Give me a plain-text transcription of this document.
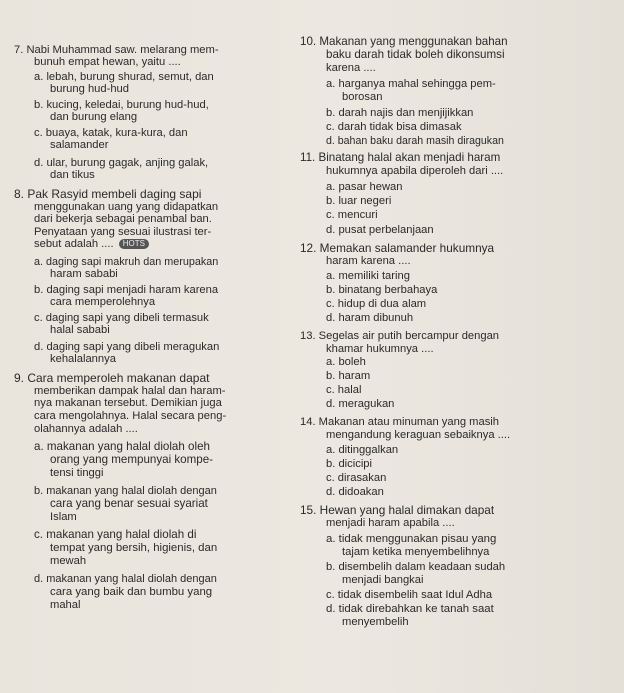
7. Nabi Muhammad saw. melarang mem-
bunuh empat hewan, yaitu ....
a. lebah, burung shurad, semut, dan
burung hud-hud
b. kucing, keledai, burung hud-hud,
dan burung elang
c. buaya, katak, kura-kura, dan
salamander
d. ular, burung gagak, anjing galak,
dan tikus
8. Pak Rasyid membeli daging sapi
menggunakan uang yang didapatkan
dari bekerja sebagai penambal ban.
Penyataan yang sesuai ilustrasi ter-
sebut adalah .... HOTS
a. daging sapi makruh dan merupakan
haram sababi
b. daging sapi menjadi haram karena
cara memperolehnya
c. daging sapi yang dibeli termasuk
halal sababi
d. daging sapi yang dibeli meragukan
kehalalannya
9. Cara memperoleh makanan dapat
memberikan dampak halal dan haram-
nya makanan tersebut. Demikian juga
cara mengolahnya. Halal secara peng-
olahannya adalah ....
a. makanan yang halal diolah oleh
orang yang mempunyai kompe-
tensi tinggi
b. makanan yang halal diolah dengan
cara yang benar sesuai syariat
Islam
c. makanan yang halal diolah di
tempat yang bersih, higienis, dan
mewah
d. makanan yang halal diolah dengan
cara yang baik dan bumbu yang
mahal
10. Makanan yang menggunakan bahan
baku darah tidak boleh dikonsumsi
karena ....
a. harganya mahal sehingga pem-
borosan
b. darah najis dan menjijikkan
c. darah tidak bisa dimasak
d. bahan baku darah masih diragukan
11. Binatang halal akan menjadi haram
hukumnya apabila diperoleh dari ....
a. pasar hewan
b. luar negeri
c. mencuri
d. pusat perbelanjaan
12. Memakan salamander hukumnya
haram karena ....
a. memiliki taring
b. binatang berbahaya
c. hidup di dua alam
d. haram dibunuh
13. Segelas air putih bercampur dengan
khamar hukumnya ....
a. boleh
b. haram
c. halal
d. meragukan
14. Makanan atau minuman yang masih
mengandung keraguan sebaiknya ....
a. ditinggalkan
b. dicicipi
c. dirasakan
d. didoakan
15. Hewan yang halal dimakan dapat
menjadi haram apabila ....
a. tidak menggunakan pisau yang
tajam ketika menyembelihnya
b. disembelih dalam keadaan sudah
menjadi bangkai
c. tidak disembelih saat Idul Adha
d. tidak direbahkan ke tanah saat
menyembelih
